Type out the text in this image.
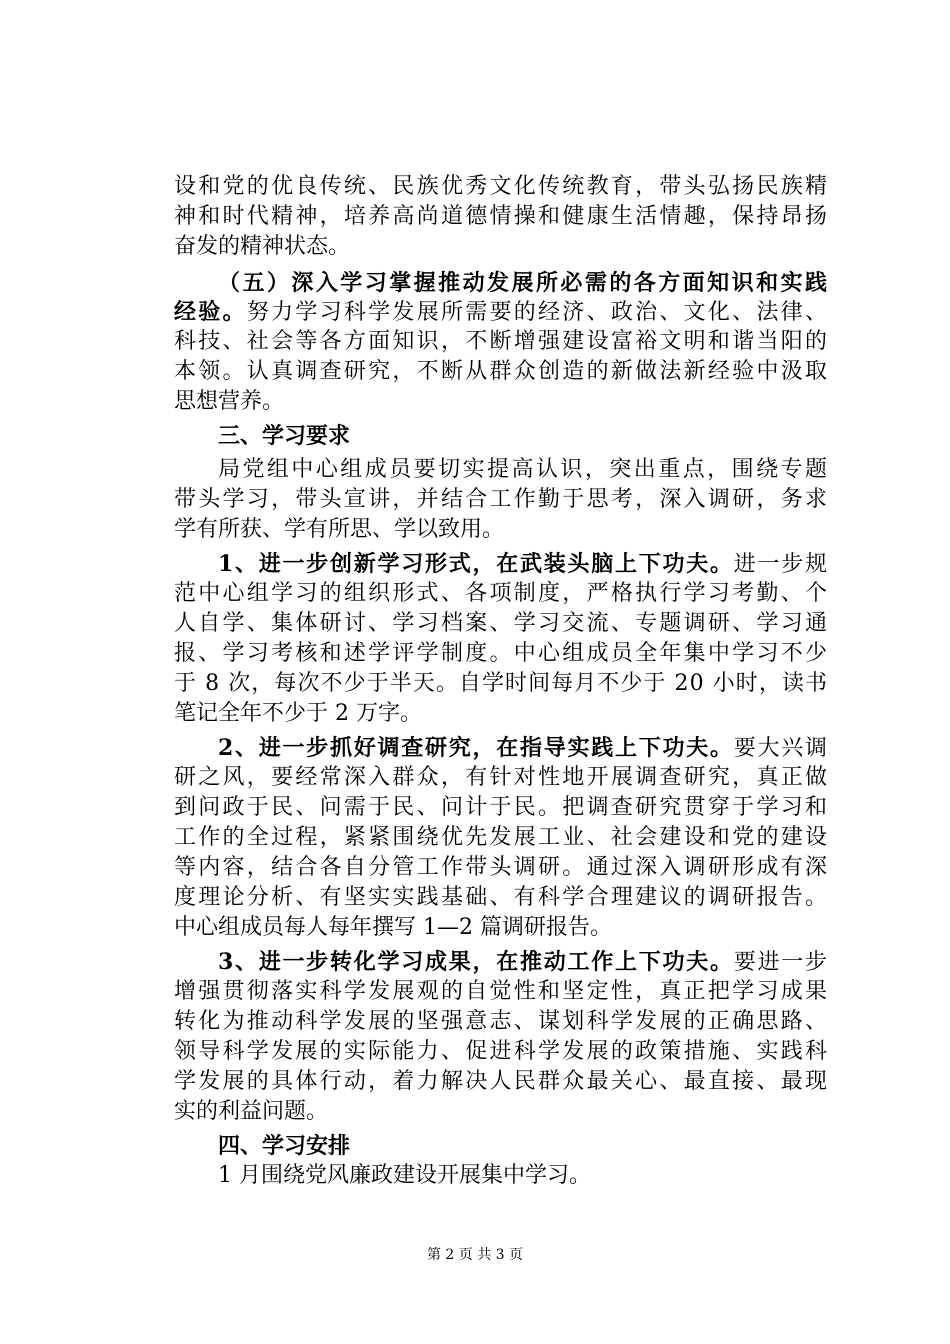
设和党的优良传统、民族优秀文化传统教育，带头弘扬民族精
神和时代精神，培养高尚道德情操和健康生活情趣，保持昂扬
奋发的精神状态。
（五）深入学习掌握推动发展所必需的各方面知识和实践
经验。努力学习科学发展所需要的经济、政治、文化、法律、
科技、社会等各方面知识，不断增强建设富裕文明和谐当阳的
本领。认真调查研究，不断从群众创造的新做法新经验中汲取
思想营养。
三、学习要求
局党组中心组成员要切实提高认识，突出重点，围绕专题
带头学习，带头宣讲，并结合工作勤于思考，深入调研，务求
学有所获、学有所思、学以致用。
1、进一步创新学习形式，在武装头脑上下功夫。进一步规
范中心组学习的组织形式、各项制度，严格执行学习考勤、个
人自学、集体研讨、学习档案、学习交流、专题调研、学习通
报、学习考核和述学评学制度。中心组成员全年集中学习不少
于 8 次，每次不少于半天。自学时间每月不少于 20 小时，读书
笔记全年不少于 2 万字。
2、进一步抓好调查研究，在指导实践上下功夫。要大兴调
研之风，要经常深入群众，有针对性地开展调查研究，真正做
到问政于民、问需于民、问计于民。把调查研究贯穿于学习和
工作的全过程，紧紧围绕优先发展工业、社会建设和党的建设
等内容，结合各自分管工作带头调研。通过深入调研形成有深
度理论分析、有坚实实践基础、有科学合理建议的调研报告。
中心组成员每人每年撰写 1—2 篇调研报告。
3、进一步转化学习成果，在推动工作上下功夫。要进一步
增强贯彻落实科学发展观的自觉性和坚定性，真正把学习成果
转化为推动科学发展的坚强意志、谋划科学发展的正确思路、
领导科学发展的实际能力、促进科学发展的政策措施、实践科
学发展的具体行动，着力解决人民群众最关心、最直接、最现
实的利益问题。
四、学习安排
1 月围绕党风廉政建设开展集中学习。
第 2 页 共 3 页
